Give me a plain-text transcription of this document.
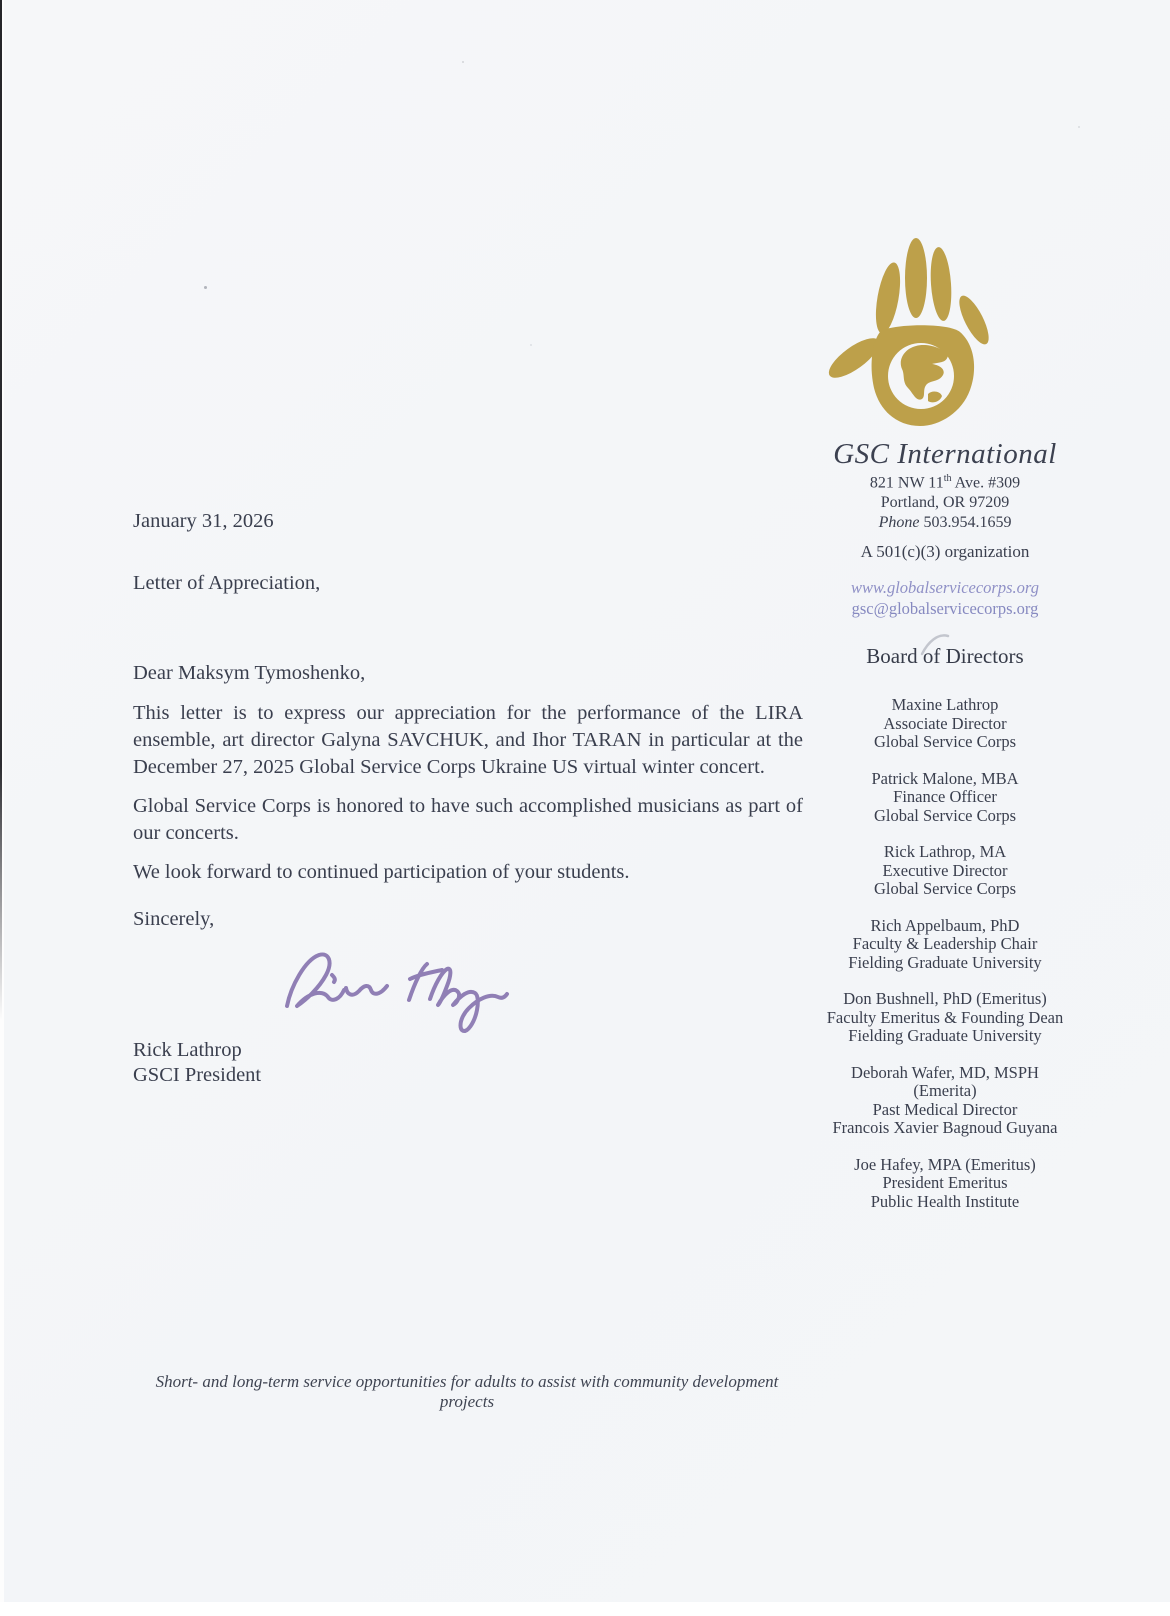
GSC International
821 NW 11th Ave. #309
Portland, OR 97209
Phone 503.954.1659
A 501(c)(3) organization
www.globalservicecorps.org
gsc@globalservicecorps.org
Board of Directors
Maxine Lathrop
Associate Director
Global Service Corps
Patrick Malone, MBA
Finance Officer
Global Service Corps
Rick Lathrop, MA
Executive Director
Global Service Corps
Rich Appelbaum, PhD
Faculty & Leadership Chair
Fielding Graduate University
Don Bushnell, PhD (Emeritus)
Faculty Emeritus & Founding Dean
Fielding Graduate University
Deborah Wafer, MD, MSPH
(Emerita)
Past Medical Director
Francois Xavier Bagnoud Guyana
Joe Hafey, MPA (Emeritus)
President Emeritus
Public Health Institute
January 31, 2026
Letter of Appreciation,
Dear Maksym Tymoshenko,

This letter is to express our appreciation for the performance of the LIRA ensemble, art director Galyna SAVCHUK, and Ihor TARAN in particular at the December 27, 2025 Global Service Corps Ukraine US virtual winter concert.

Global Service Corps is honored to have such accomplished musicians as part of our concerts.

We look forward to continued participation of your students.

Sincerely,
Rick Lathrop
GSCI President
Short- and long-term service opportunities for adults to assist with community development projects
